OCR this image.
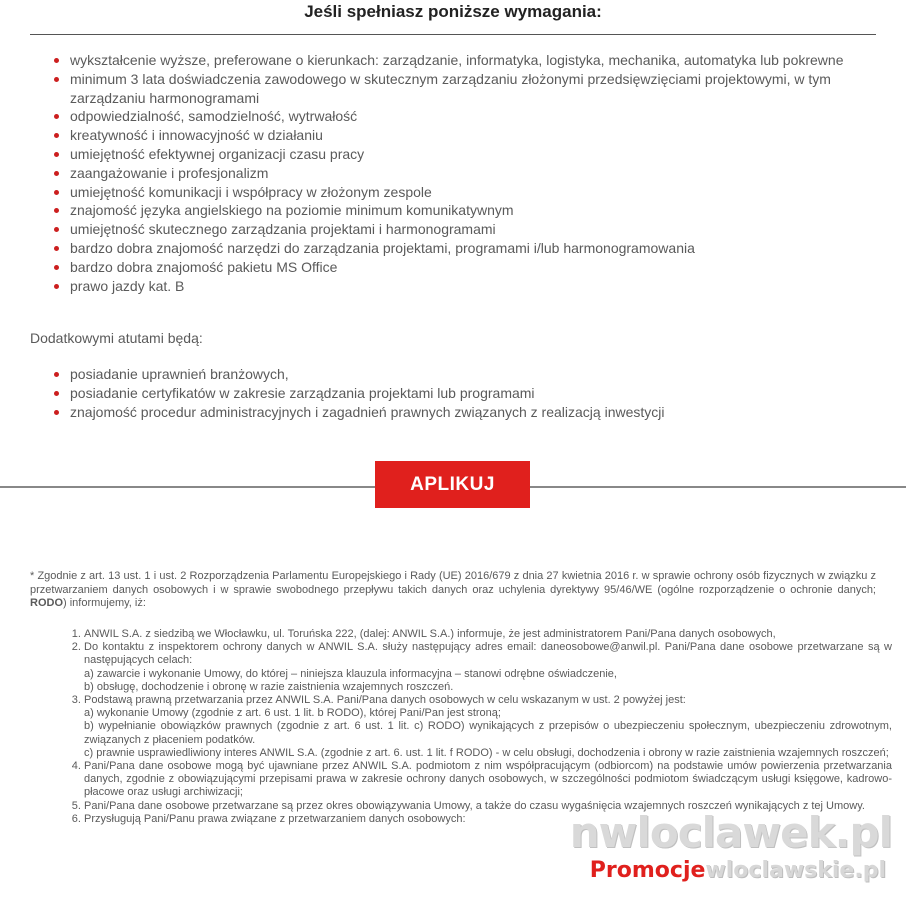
Jeśli spełniasz poniższe wymagania:
wykształcenie wyższe, preferowane o kierunkach: zarządzanie, informatyka, logistyka, mechanika, automatyka lub pokrewne
minimum 3 lata doświadczenia zawodowego w skutecznym zarządzaniu złożonymi przedsięwzięciami projektowymi, w tym zarządzaniu harmonogramami
odpowiedzialność, samodzielność, wytrwałość
kreatywność i innowacyjność w działaniu
umiejętność efektywnej organizacji czasu pracy
zaangażowanie i profesjonalizm
umiejętność komunikacji i współpracy w złożonym zespole
znajomość języka angielskiego na poziomie minimum komunikatywnym
umiejętność skutecznego zarządzania projektami i harmonogramami
bardzo dobra znajomość narzędzi do zarządzania projektami, programami i/lub harmonogramowania
bardzo dobra znajomość pakietu MS Office
prawo jazdy kat. B
Dodatkowymi atutami będą:
posiadanie uprawnień branżowych,
posiadanie certyfikatów w zakresie zarządzania projektami lub programami
znajomość procedur administracyjnych i zagadnień prawnych związanych z realizacją inwestycji
APLIKUJ
* Zgodnie z art. 13 ust. 1 i ust. 2 Rozporządzenia Parlamentu Europejskiego i Rady (UE) 2016/679 z dnia 27 kwietnia 2016 r. w sprawie ochrony osób fizycznych w związku z przetwarzaniem danych osobowych i w sprawie swobodnego przepływu takich danych oraz uchylenia dyrektywy 95/46/WE (ogólne rozporządzenie o ochronie danych; RODO) informujemy, iż:
1. ANWIL S.A. z siedzibą we Włocławku, ul. Toruńska 222, (dalej: ANWIL S.A.) informuje, że jest administratorem Pani/Pana danych osobowych,
2. Do kontaktu z inspektorem ochrony danych w ANWIL S.A. służy następujący adres email: daneosobowe@anwil.pl. Pani/Pana dane osobowe przetwarzane są w następujących celach:
a) zawarcie i wykonanie Umowy, do której – niniejsza klauzula informacyjna – stanowi odrębne oświadczenie,
b) obsługę, dochodzenie i obronę w razie zaistnienia wzajemnych roszczeń.
3. Podstawą prawną przetwarzania przez ANWIL S.A. Pani/Pana danych osobowych w celu wskazanym w ust. 2 powyżej jest:
a) wykonanie Umowy (zgodnie z art. 6 ust. 1 lit. b RODO), której Pani/Pan jest stroną;
b) wypełnianie obowiązków prawnych (zgodnie z art. 6 ust. 1 lit. c) RODO) wynikających z przepisów o ubezpieczeniu społecznym, ubezpieczeniu zdrowotnym, związanych z płaceniem podatków.
c) prawnie usprawiedliwiony interes ANWIL S.A. (zgodnie z art. 6. ust. 1 lit. f RODO) - w celu obsługi, dochodzenia i obrony w razie zaistnienia wzajemnych roszczeń;
4. Pani/Pana dane osobowe mogą być ujawniane przez ANWIL S.A. podmiotom z nim współpracującym (odbiorcom) na podstawie umów powierzenia przetwarzania danych, zgodnie z obowiązującymi przepisami prawa w zakresie ochrony danych osobowych, w szczególności podmiotom świadczącym usługi księgowe, kadrowo-płacowe oraz usługi archiwizacji;
5. Pani/Pana dane osobowe przetwarzane są przez okres obowiązywania Umowy, a także do czasu wygaśnięcia wzajemnych roszczeń wynikających z tej Umowy.
6. Przysługują Pani/Panu prawa związane z przetwarzaniem danych osobowych:	nwloclawek.pl
Promocjewloclawskie.pl
